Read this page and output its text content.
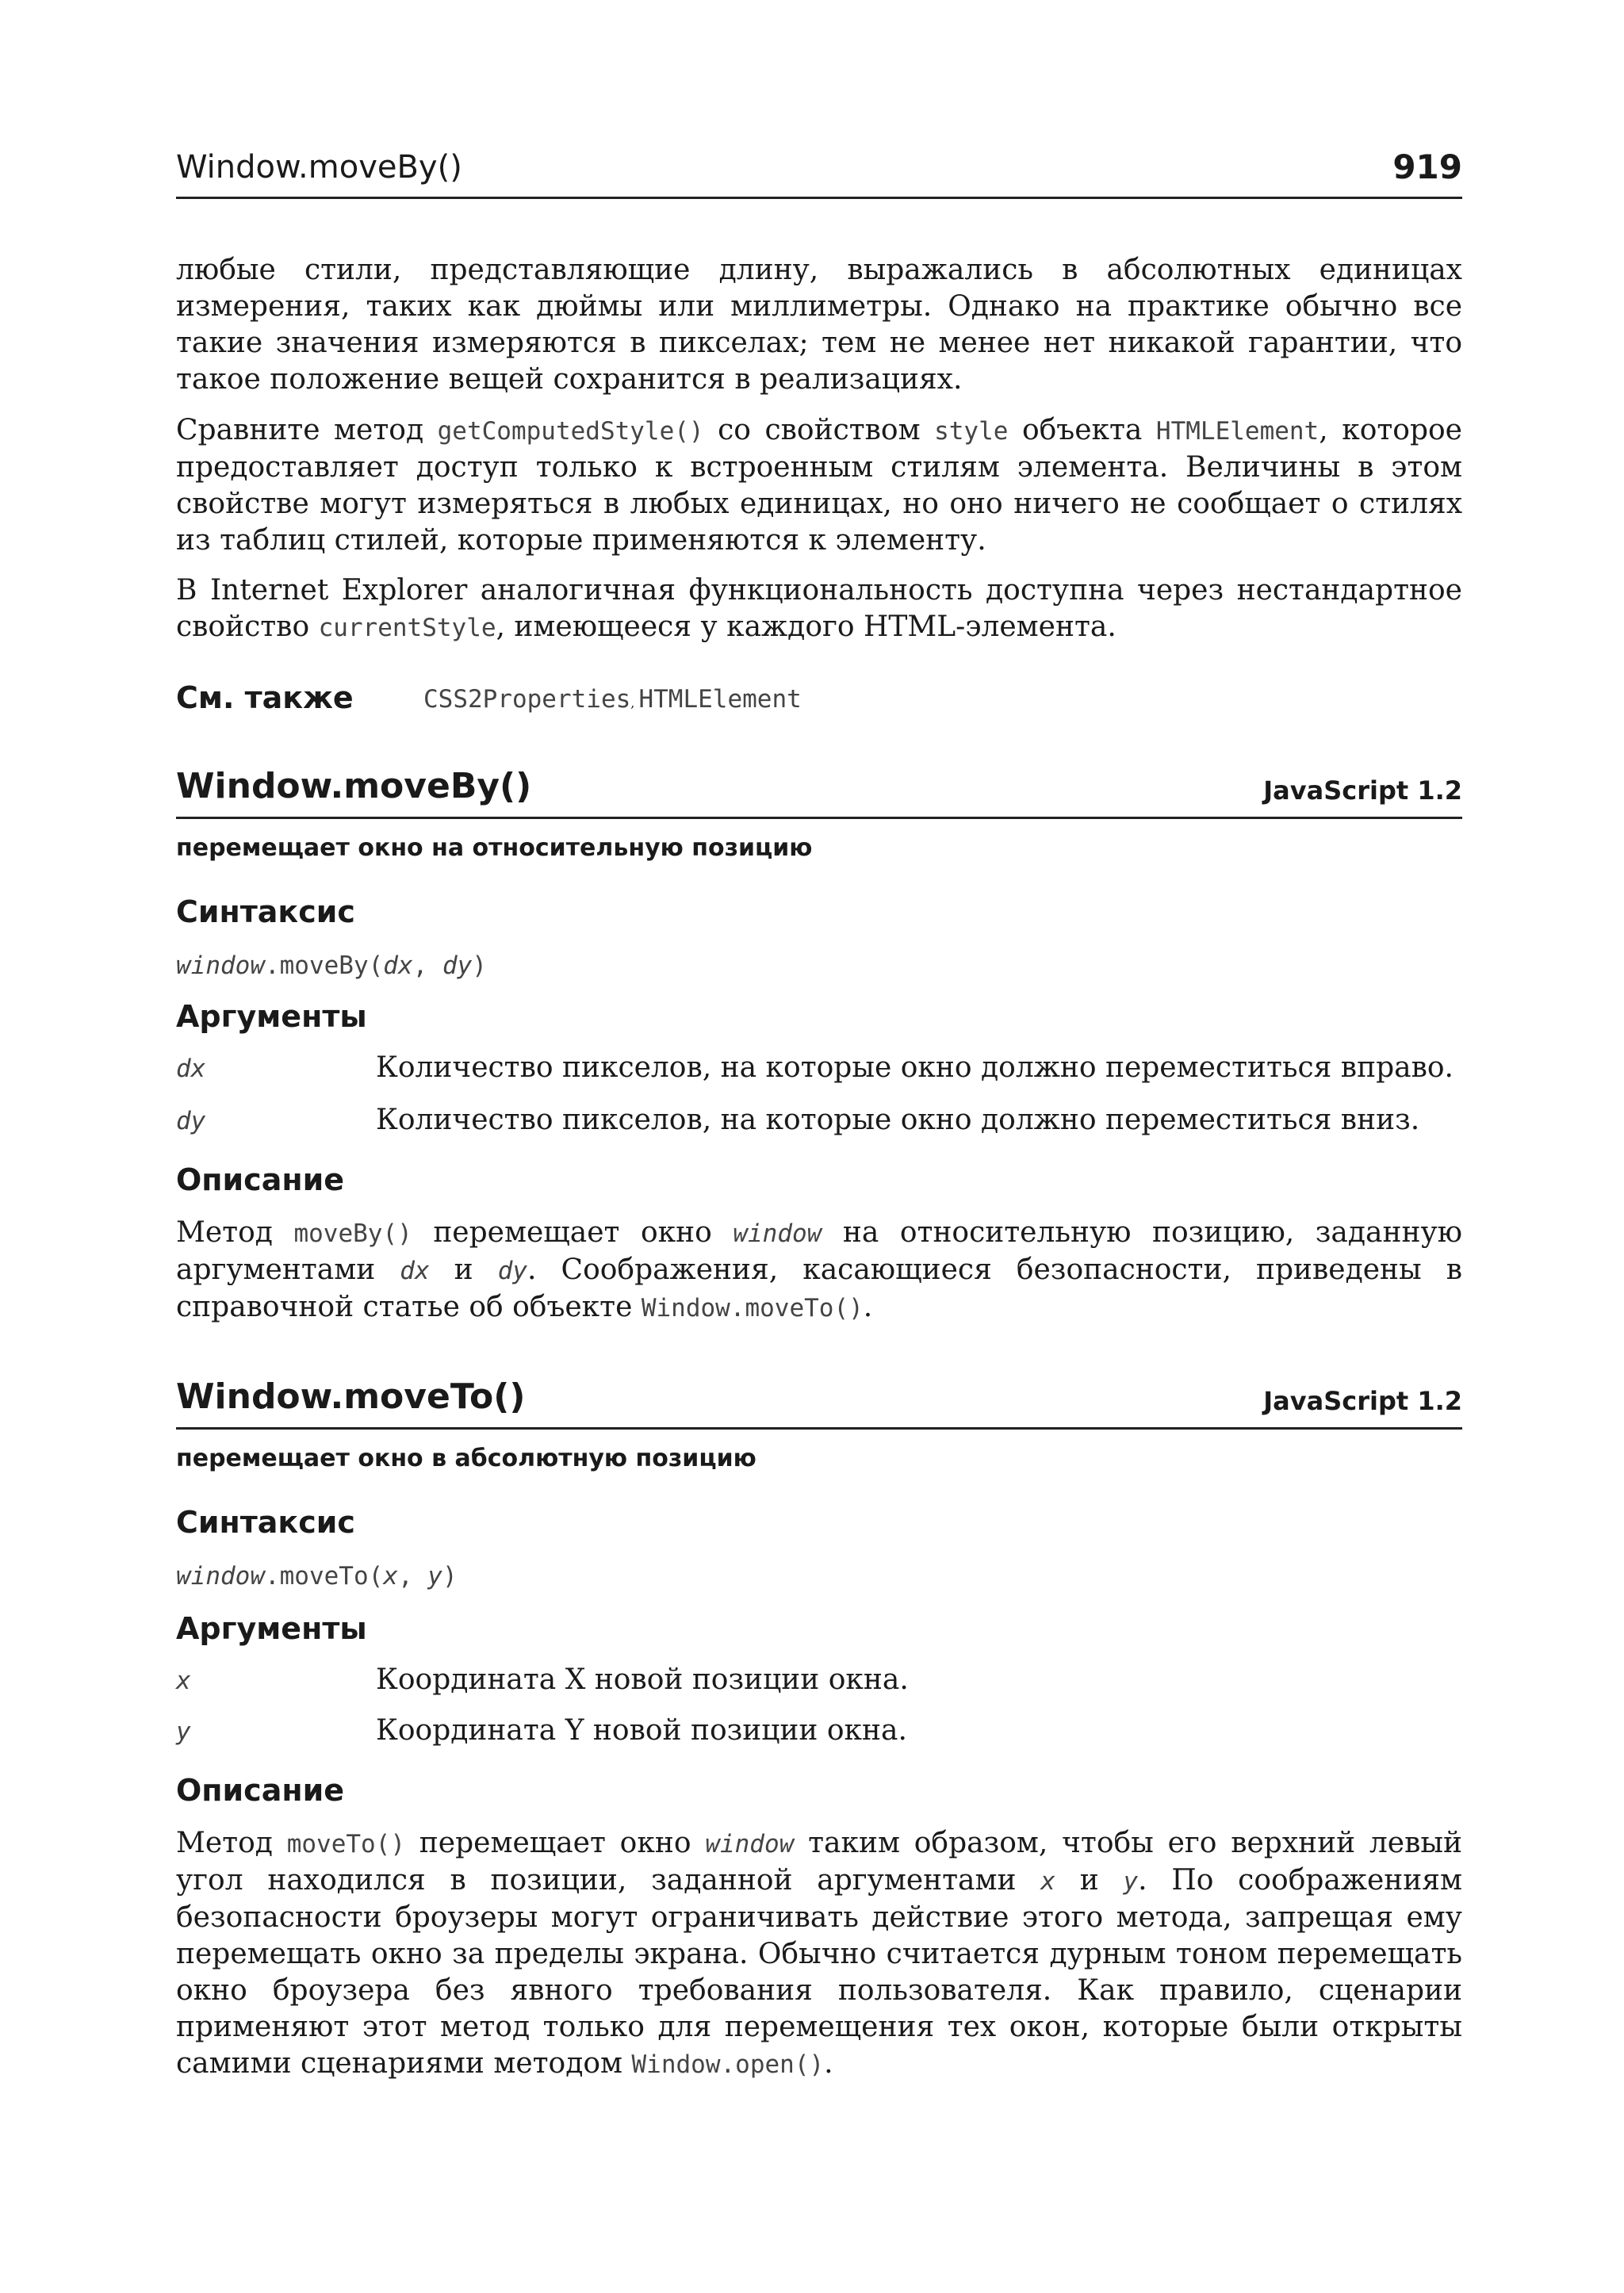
Window.moveBy()	919

любые стили, представляющие длину, выражались в абсолютных единицах измерения, таких как дюймы или миллиметры. Однако на практике обычно все такие значения измеряются в пикселах; тем не менее нет никакой гарантии, что такое положение вещей сохранится в реализациях.

Сравните метод getComputedStyle() со свойством style объекта HTMLElement, которое предоставляет доступ только к встроенным стилям элемента. Величины в этом свойстве могут измеряться в любых единицах, но оно ничего не сообщает о стилях из таблиц стилей, которые применяются к элементу.

В Internet Explorer аналогичная функциональность доступна через нестандартное свойство currentStyle, имеющееся у каждого HTML-элемента.

См. также	CSS2Properties, HTMLElement
Window.moveBy()	JavaScript 1.2
перемещает окно на относительную позицию
Синтаксис
window.moveBy(dx, dy)
Аргументы
dx	Количество пикселов, на которые окно должно переместиться вправо.
dy	Количество пикселов, на которые окно должно переместиться вниз.
Описание

Метод moveBy() перемещает окно window на относительную позицию, заданную аргументами dx и dy. Соображения, касающиеся безопасности, приведены в справочной статье об объекте Window.moveTo().

Window.moveTo()	JavaScript 1.2
перемещает окно в абсолютную позицию
Синтаксис
window.moveTo(x, y)
Аргументы
x	Координата X новой позиции окна.
y	Координата Y новой позиции окна.
Описание

Метод moveTo() перемещает окно window таким образом, чтобы его верхний левый угол находился в позиции, заданной аргументами x и y. По соображениям безопасности броузеры могут ограничивать действие этого метода, запрещая ему перемещать окно за пределы экрана. Обычно считается дурным тоном перемещать окно броузера без явного требования пользователя. Как правило, сценарии применяют этот метод только для перемещения тех окон, которые были открыты самими сценариями методом Window.open().
